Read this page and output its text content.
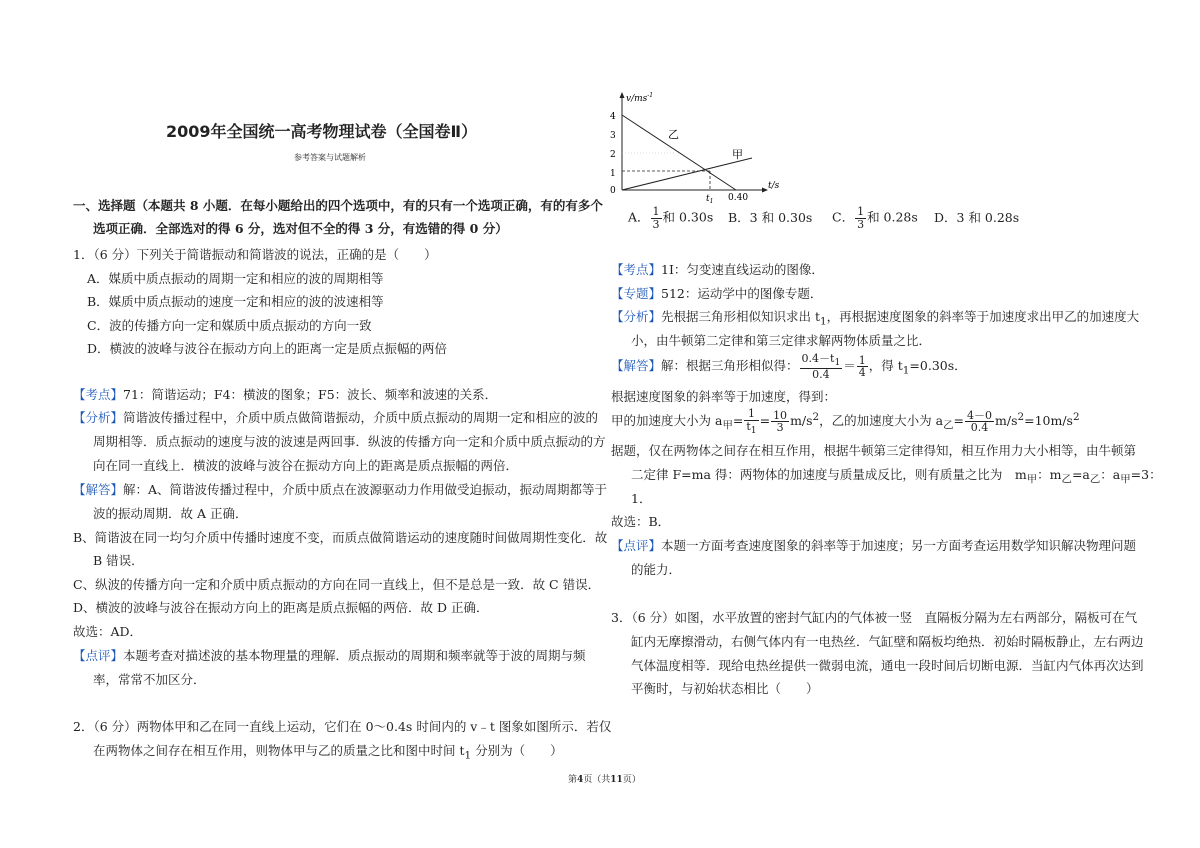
2009年全国统一高考物理试卷（全国卷Ⅱ）
参考答案与试题解析
一、选择题（本题共 8 小题．在每小题给出的四个选项中，有的只有一个选项正确，有的有多个
选项正确．全部选对的得 6 分，选对但不全的得 3 分，有选错的得 0 分）
1．（6 分）下列关于简谐振动和简谐波的说法，正确的是（　　）
A．媒质中质点振动的周期一定和相应的波的周期相等
B．媒质中质点振动的速度一定和相应的波的波速相等
C．波的传播方向一定和媒质中质点振动的方向一致
D．横波的波峰与波谷在振动方向上的距离一定是质点振幅的两倍
【考点】71：简谐运动；F4：横波的图象；F5：波长、频率和波速的关系．
【分析】简谐波传播过程中，介质中质点做简谐振动，介质中质点振动的周期一定和相应的波的
周期相等．质点振动的速度与波的波速是两回事．纵波的传播方向一定和介质中质点振动的方
向在同一直线上．横波的波峰与波谷在振动方向上的距离是质点振幅的两倍．
【解答】解：A、简谐波传播过程中，介质中质点在波源驱动力作用做受迫振动，振动周期都等于
波的振动周期．故 A 正确．
B、简谐波在同一均匀介质中传播时速度不变，而质点做简谐运动的速度随时间做周期性变化．故
B 错误．
C、纵波的传播方向一定和介质中质点振动的方向在同一直线上，但不是总是一致．故 C 错误．
D、横波的波峰与波谷在振动方向上的距离是质点振幅的两倍．故 D 正确．
故选：AD．
【点评】本题考查对描述波的基本物理量的理解．质点振动的周期和频率就等于波的周期与频
率，常常不加区分．
2．（6 分）两物体甲和乙在同一直线上运动，它们在 0～0.4s 时间内的 v﹣t 图象如图所示．若仅
在两物体之间存在相互作用，则物体甲与乙的质量之比和图中时间 $t_1$ 分别为（　　）
$v/ms^{-1}$
t/s
4
3
2
1
0
乙
甲
$t_1$ 0.40
A． $\frac{1}{3}$ 和 0.30s B．3 和 0.30s C． $\frac{1}{3}$ 和 0.28s D．3 和 0.28s
【考点】1I：匀变速直线运动的图像．
【专题】512：运动学中的图像专题．
【分析】先根据三角形相似知识求出 $t_1$，再根据速度图象的斜率等于加速度求出甲乙的加速度大
小，由牛顿第二定律和第三定律求解两物体质量之比．
【解答】解：根据三角形相似得： $\frac{0.4-t_1}{0.4} = \frac{1}{4}$ ，得 $t_1=0.30s$．
根据速度图象的斜率等于加速度，得到：
甲的加速度大小为 $a_甲= \frac{1}{t_1} = \frac{10}{3} m/s^2$，乙的加速度大小为 $a_乙= \frac{4-0}{0.4} m/s^2=10m/s^2$
据题，仅在两物体之间存在相互作用，根据牛顿第三定律得知，相互作用力大小相等，由牛顿第
二定律 F=ma 得：两物体的加速度与质量成反比，则有质量之比为　$m_甲$：$m_乙=a_乙$：$a_甲=3$：
1．
故选：B．
【点评】本题一方面考查速度图象的斜率等于加速度；另一方面考查运用数学知识解决物理问题
的能力．
3．（6 分）如图，水平放置的密封气缸内的气体被一竖　直隔板分隔为左右两部分，隔板可在气
缸内无摩擦滑动，右侧气体内有一电热丝．气缸壁和隔板均绝热．初始时隔板静止，左右两边
气体温度相等．现给电热丝提供一微弱电流，通电一段时间后切断电源．当缸内气体再次达到
平衡时，与初始状态相比（　　）
第4页（共11页）
